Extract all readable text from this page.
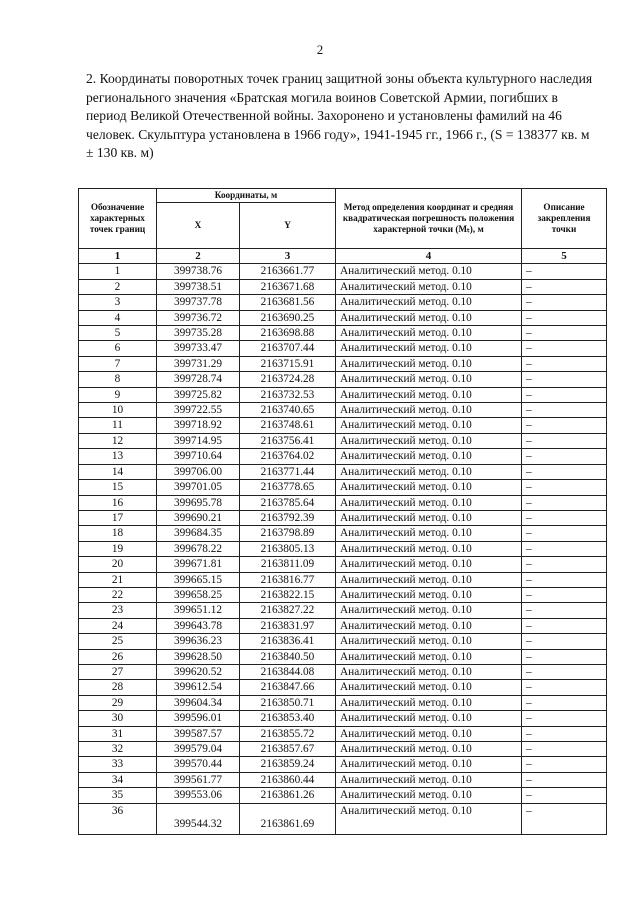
2
2. Координаты поворотных точек границ защитной зоны объекта культурного наследия регионального значения «Братская могила воинов Советской Армии, погибших в период Великой Отечественной войны. Захоронено и установлены фамилий на 46 человек. Скульптура установлена в 1966 году», 1941-1945 гг., 1966 г., (S = 138377 кв. м ± 130 кв. м)
Обозначение характерных точек границ	Координаты, м		Метод определения координат и средняя квадратическая погрешность положения характерной точки (Mₜ), м	Описание закрепления точки
	X	Y		
1	2	3	4	5
1	399738.76	2163661.77	Аналитический метод. 0.10	–
2	399738.51	2163671.68	Аналитический метод. 0.10	–
3	399737.78	2163681.56	Аналитический метод. 0.10	–
4	399736.72	2163690.25	Аналитический метод. 0.10	–
5	399735.28	2163698.88	Аналитический метод. 0.10	–
6	399733.47	2163707.44	Аналитический метод. 0.10	–
7	399731.29	2163715.91	Аналитический метод. 0.10	–
8	399728.74	2163724.28	Аналитический метод. 0.10	–
9	399725.82	2163732.53	Аналитический метод. 0.10	–
10	399722.55	2163740.65	Аналитический метод. 0.10	–
11	399718.92	2163748.61	Аналитический метод. 0.10	–
12	399714.95	2163756.41	Аналитический метод. 0.10	–
13	399710.64	2163764.02	Аналитический метод. 0.10	–
14	399706.00	2163771.44	Аналитический метод. 0.10	–
15	399701.05	2163778.65	Аналитический метод. 0.10	–
16	399695.78	2163785.64	Аналитический метод. 0.10	–
17	399690.21	2163792.39	Аналитический метод. 0.10	–
18	399684.35	2163798.89	Аналитический метод. 0.10	–
19	399678.22	2163805.13	Аналитический метод. 0.10	–
20	399671.81	2163811.09	Аналитический метод. 0.10	–
21	399665.15	2163816.77	Аналитический метод. 0.10	–
22	399658.25	2163822.15	Аналитический метод. 0.10	–
23	399651.12	2163827.22	Аналитический метод. 0.10	–
24	399643.78	2163831.97	Аналитический метод. 0.10	–
25	399636.23	2163836.41	Аналитический метод. 0.10	–
26	399628.50	2163840.50	Аналитический метод. 0.10	–
27	399620.52	2163844.08	Аналитический метод. 0.10	–
28	399612.54	2163847.66	Аналитический метод. 0.10	–
29	399604.34	2163850.71	Аналитический метод. 0.10	–
30	399596.01	2163853.40	Аналитический метод. 0.10	–
31	399587.57	2163855.72	Аналитический метод. 0.10	–
32	399579.04	2163857.67	Аналитический метод. 0.10	–
33	399570.44	2163859.24	Аналитический метод. 0.10	–
34	399561.77	2163860.44	Аналитический метод. 0.10	–
35	399553.06	2163861.26	Аналитический метод. 0.10	–
36	399544.32	2163861.69	Аналитический метод. 0.10	–
